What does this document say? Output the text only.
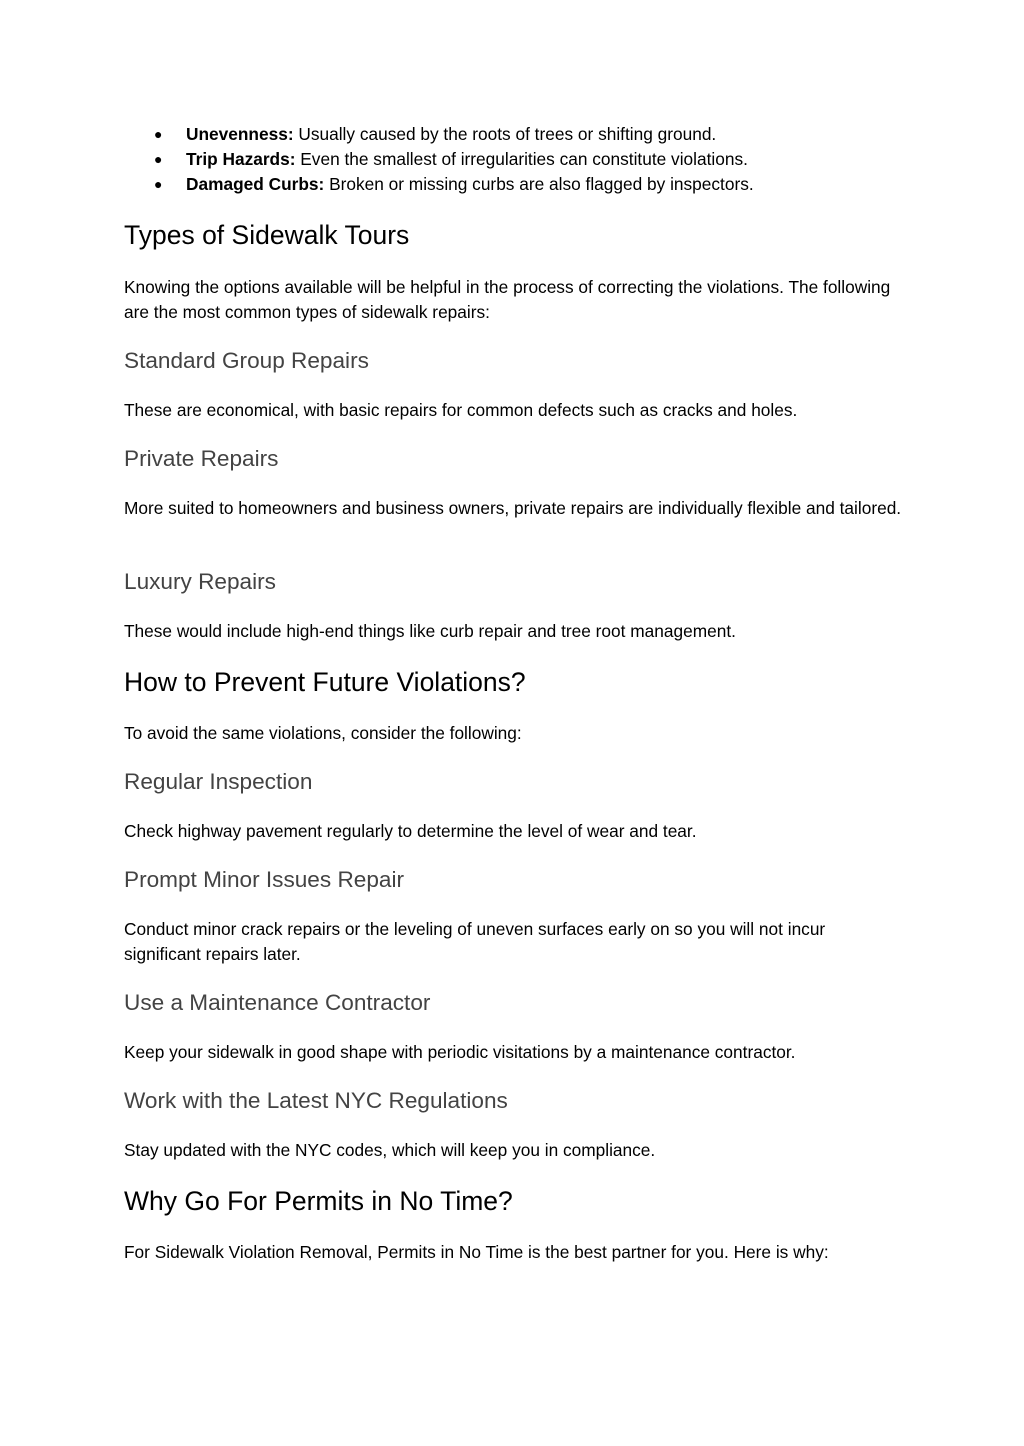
● Unevenness: Usually caused by the roots of trees or shifting ground.
● Trip Hazards: Even the smallest of irregularities can constitute violations.
● Damaged Curbs: Broken or missing curbs are also flagged by inspectors.
Types of Sidewalk Tours

Knowing the options available will be helpful in the process of correcting the violations. The following are the most common types of sidewalk repairs:

Standard Group Repairs

These are economical, with basic repairs for common defects such as cracks and holes.

Private Repairs

More suited to homeowners and business owners, private repairs are individually flexible and tailored.

Luxury Repairs

These would include high-end things like curb repair and tree root management.

How to Prevent Future Violations?

To avoid the same violations, consider the following:

Regular Inspection

Check highway pavement regularly to determine the level of wear and tear.

Prompt Minor Issues Repair

Conduct minor crack repairs or the leveling of uneven surfaces early on so you will not incur significant repairs later.

Use a Maintenance Contractor

Keep your sidewalk in good shape with periodic visitations by a maintenance contractor.

Work with the Latest NYC Regulations

Stay updated with the NYC codes, which will keep you in compliance.

Why Go For Permits in No Time?

For Sidewalk Violation Removal, Permits in No Time is the best partner for you. Here is why:
